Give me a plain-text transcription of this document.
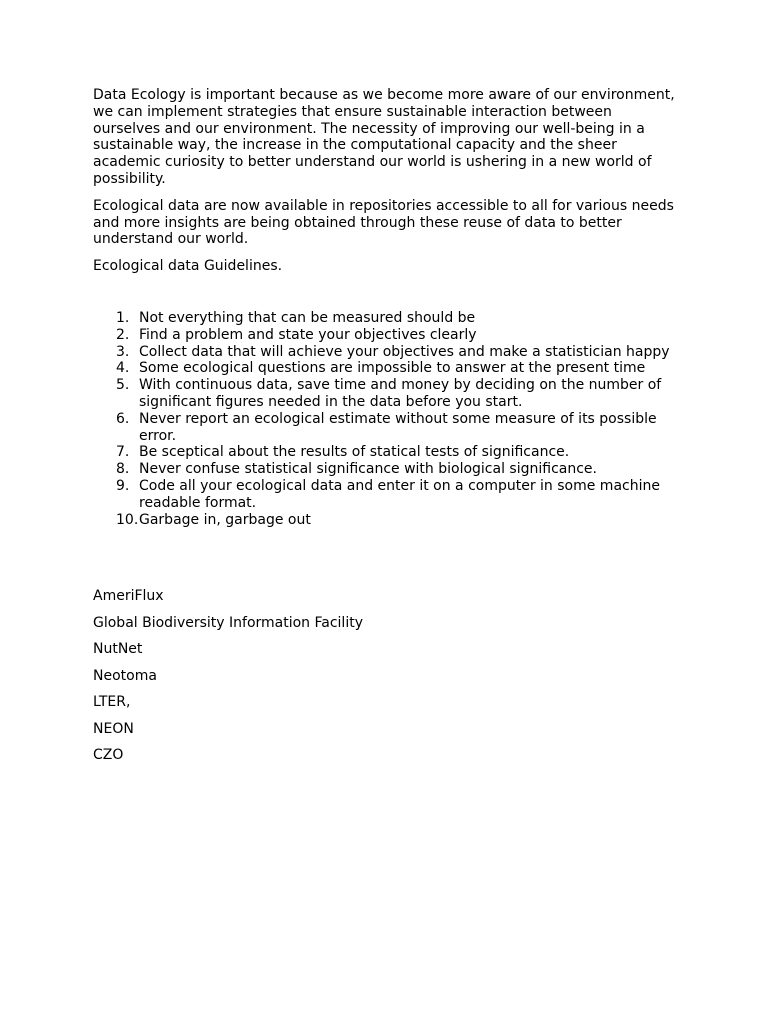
Data Ecology is important because as we become more aware of our environment, we can implement strategies that ensure sustainable interaction between ourselves and our environment. The necessity of improving our well-being in a sustainable way, the increase in the computational capacity and the sheer academic curiosity to better understand our world is ushering in a new world of possibility.

Ecological data are now available in repositories accessible to all for various needs and more insights are being obtained through these reuse of data to better understand our world.

Ecological data Guidelines.

1. Not everything that can be measured should be
2. Find a problem and state your objectives clearly
3. Collect data that will achieve your objectives and make a statistician happy
4. Some ecological questions are impossible to answer at the present time
5. With continuous data, save time and money by deciding on the number of significant figures needed in the data before you start.
6. Never report an ecological estimate without some measure of its possible error.
7. Be sceptical about the results of statical tests of significance.
8. Never confuse statistical significance with biological significance.
9. Code all your ecological data and enter it on a computer in some machine readable format.
10. Garbage in, garbage out

AmeriFlux

Global Biodiversity Information Facility

NutNet

Neotoma

LTER,

NEON

CZO
